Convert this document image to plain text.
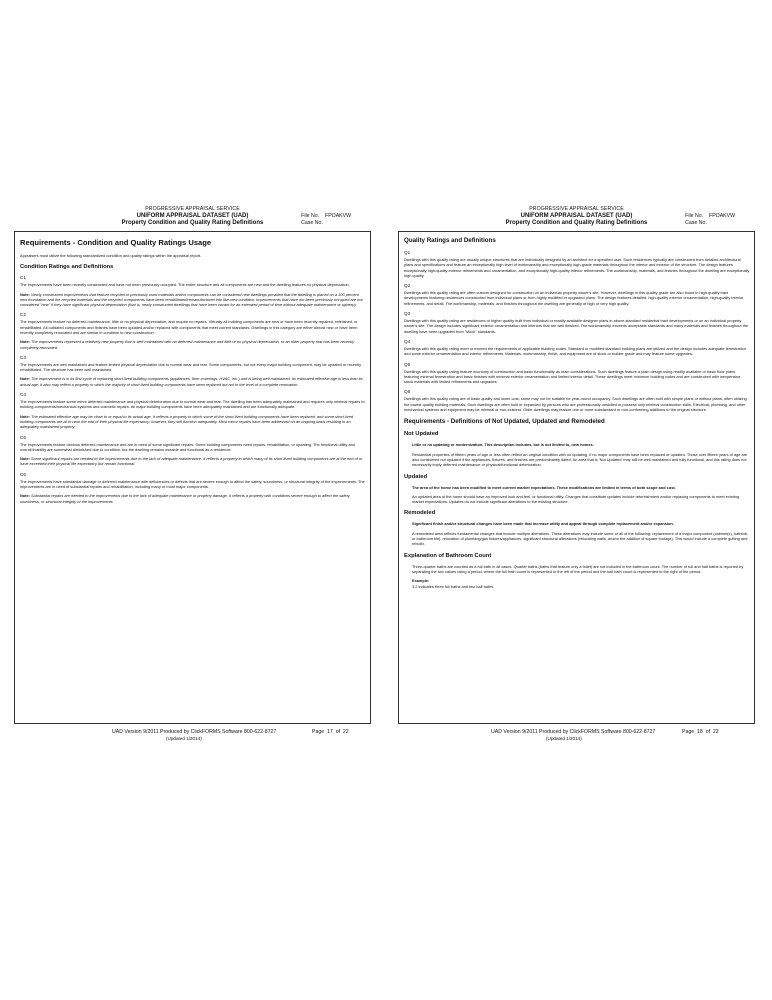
PROGRESSIVE APPRAISAL SERVICE
UNIFORM APPRAISAL DATASET (UAD)
Property Condition and Quality Rating Definitions
File No. FPOAKVW
Case No.
Requirements - Condition and Quality Ratings Usage
Appraisers must utilize the following standardized condition and quality ratings within the appraisal report.
Condition Ratings and Definitions
C1
The improvements have been recently constructed and have not been previously occupied. The entire structure and all components are new and the dwelling features no physical depreciation.
Note: Newly constructed improvements that feature recycled or previously used materials and/or components can be considered new dwellings provided that the dwelling is placed on a 100 percent new foundation and the recycled materials and the recycled components have been rehabilitated/remanufactured into like-new condition. Improvements that have not been previously occupied are not considered "new" if they have significant physical depreciation (that is, newly constructed dwellings that have been vacant for an extended period of time without adequate maintenance or upkeep).
C2
The improvements feature no deferred maintenance, little or no physical depreciation, and require no repairs. Virtually all building components are new or have been recently repaired, refinished, or rehabilitated. All outdated components and finishes have been updated and/or replaced with components that meet current standards. Dwellings in this category are either almost new or have been recently completely renovated and are similar in condition to new construction.
Note: The improvements represent a relatively new property that is well maintained with no deferred maintenance and little or no physical depreciation, or an older property that has been recently completely renovated.
C3
The improvements are well maintained and feature limited physical depreciation due to normal wear and tear. Some components, but not every major building component, may be updated or recently rehabilitated. The structure has been well maintained.
Note: The improvement is in its first-cycle of replacing short-lived building components (appliances, floor coverings, HVAC, etc.) and is being well maintained. Its estimated effective age is less than its actual age. It also may reflect a property in which the majority of short-lived building components have been replaced but not to the level of a complete renovation.
C4
The improvements feature some minor deferred maintenance and physical deterioration due to normal wear and tear. The dwelling has been adequately maintained and requires only minimal repairs to building components/mechanical systems and cosmetic repairs. All major building components have been adequately maintained and are functionally adequate.
Note: The estimated effective age may be close to or equal to its actual age. It reflects a property in which some of the short-lived building components have been replaced, and some short-lived building components are at or near the end of their physical life expectancy; however, they still function adequately. Most minor repairs have been addressed on an ongoing basis resulting in an adequately maintained property.
C5
The improvements feature obvious deferred maintenance and are in need of some significant repairs. Some building components need repairs, rehabilitation, or updating. The functional utility and overall livability are somewhat diminished due to condition, but the dwelling remains useable and functional as a residence.
Note: Some significant repairs are needed to the improvements due to the lack of adequate maintenance. It reflects a property in which many of its short-lived building components are at the end of or have exceeded their physical life expectancy but remain functional.
C6
The improvements have substantial damage or deferred maintenance with deficiencies or defects that are severe enough to affect the safety, soundness, or structural integrity of the improvements. The improvements are in need of substantial repairs and rehabilitation, including many or most major components.
Note: Substantial repairs are needed to the improvements due to the lack of adequate maintenance or property damage. It reflects a property with conditions severe enough to affect the safety, soundness, or structural integrity of the improvements.
UAD Version 9/2011 Produced by ClickFORMS Software 800-622-8727
(Updated 1/2014)
Page 17 of 22
PROGRESSIVE APPRAISAL SERVICE
UNIFORM APPRAISAL DATASET (UAD)
Property Condition and Quality Rating Definitions
File No. FPOAKVW
Case No.
Quality Ratings and Definitions
Q1
Dwellings with this quality rating are usually unique structures that are individually designed by an architect for a specified user. Such residences typically are constructed from detailed architectural plans and specifications and feature an exceptionally high level of workmanship and exceptionally high-grade materials throughout the interior and exterior of the structure. The design features exceptionally high-quality exterior refinements and ornamentation, and exceptionally high-quality interior refinements. The workmanship, materials, and finishes throughout the dwelling are exceptionally high quality.
Q2
Dwellings with this quality rating are often custom designed for construction on an individual property owner's site. However, dwellings in this quality grade are also found in high-quality tract developments featuring residences constructed from individual plans or from highly modified or upgraded plans. The design features detailed, high-quality exterior ornamentation, high-quality interior refinements, and detail. The workmanship, materials, and finishes throughout the dwelling are generally of high or very high quality.
Q3
Dwellings with this quality rating are residences of higher quality built from individual or readily available designer plans in above-standard residential tract developments or on an individual property owner's site. The design includes significant exterior ornamentation and interiors that are well finished. The workmanship exceeds acceptable standards and many materials and finishes throughout the dwelling have been upgraded from "stock" standards.
Q4
Dwellings with this quality rating meet or exceed the requirements of applicable building codes. Standard or modified standard building plans are utilized and the design includes adequate fenestration and some exterior ornamentation and interior refinements. Materials, workmanship, finish, and equipment are of stock or builder grade and may feature some upgrades.
Q5
Dwellings with this quality rating feature economy of construction and basic functionality as main considerations. Such dwellings feature a plain design using readily available or basic floor plans featuring minimal fenestration and basic finishes with minimal exterior ornamentation and limited interior detail. These dwellings meet minimum building codes and are constructed with inexpensive, stock materials with limited refinements and upgrades.
Q6
Dwellings with this quality rating are of basic quality and lower cost; some may not be suitable for year-round occupancy. Such dwellings are often built with simple plans or without plans, often utilizing the lowest quality building materials. Such dwellings are often built or expanded by persons who are professionally unskilled or possess only minimal construction skills. Electrical, plumbing, and other mechanical systems and equipment may be minimal or non-existent. Older dwellings may feature one or more substandard or non-conforming additions to the original structure.
Requirements - Definitions of Not Updated, Updated and Remodeled
Not Updated
Little or no updating or modernization. This description includes, but is not limited to, new homes.
Residential properties of fifteen years of age or less often reflect an original condition with no updating, if no major components have been replaced or updated. Those over fifteen years of age are also considered not updated if the appliances, fixtures, and finishes are predominantly dated. An area that is 'Not Updated' may still be well maintained and fully functional, and this rating does not necessarily imply deferred maintenance or physical/functional deterioration.
Updated
The area of the home has been modified to meet current market expectations. These modifications are limited in terms of both scope and cost.
An updated area of the home should have an improved look and feel, or functional utility. Changes that constitute updates include refurbishment and/or replacing components to meet existing market expectations. Updates do not include significant alterations to the existing structure.
Remodeled
Significant finish and/or structural changes have been made that increase utility and appeal through complete replacement and/or expansion.
A remodeled area reflects fundamental changes that include multiple alterations. These alterations may include some or all of the following: replacement of a major component (cabinet(s), bathtub, or bathroom tile), relocation of plumbing/gas fixtures/appliances, significant structural alterations (relocating walls, and/or the addition of square footage). This would include a complete gutting and rebuild.
Explanation of Bathroom Count
Three-quarter baths are counted as a full bath in all cases. Quarter baths (baths that feature only a toilet) are not included in the bathroom count. The number of full and half baths is reported by separating the two values using a period, where the full bath count is represented to the left of the period and the half bath count is represented to the right of the period.
Example:
3.2 indicates three full baths and two half baths.
UAD Version 9/2011 Produced by ClickFORMS Software 800-622-8727
(Updated 1/2014)
Page 18 of 22
